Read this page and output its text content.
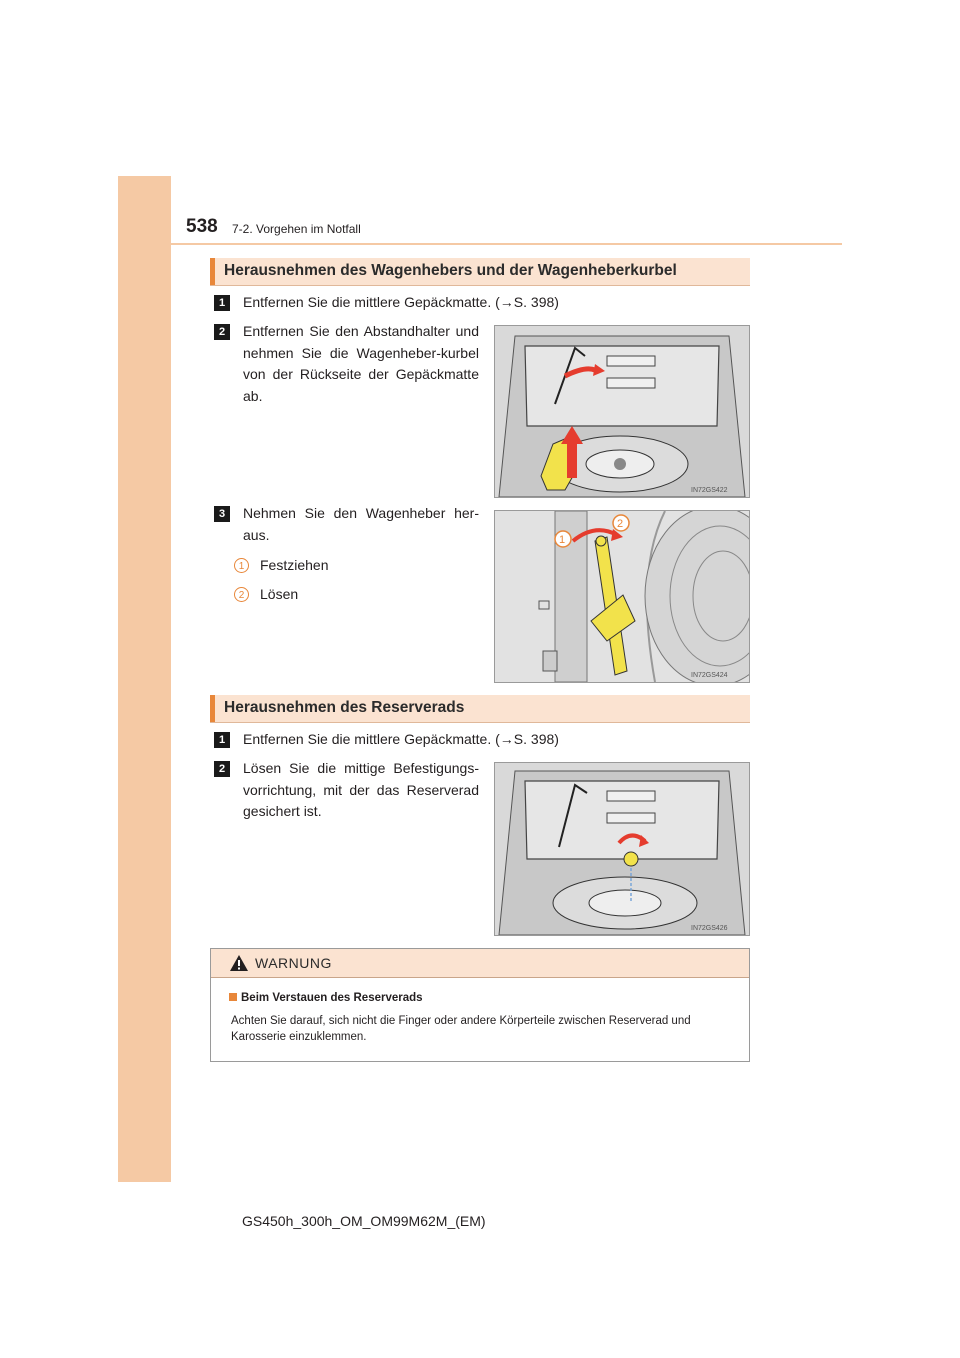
538 7-2. Vorgehen im Notfall
Herausnehmen des Wagenhebers und der Wagenheberkurbel
1	Entfernen Sie die mittlere Gepäckmatte. (→S. 398)
2	Entfernen Sie den Abstandhalter und nehmen Sie die Wagenheber-kurbel von der Rückseite der Gepäckmatte ab.
3	Nehmen Sie den Wagenheber her-aus.
1	Festziehen
2	Lösen
IN72GS422
1
2
IN72GS424
Herausnehmen des Reserverads
1	Entfernen Sie die mittlere Gepäckmatte. (→S. 398)
2	Lösen Sie die mittige Befestigungs-vorrichtung, mit der das Reserverad gesichert ist.
IN72GS426
WARNUNG
Beim Verstauen des Reserverads
Achten Sie darauf, sich nicht die Finger oder andere Körperteile zwischen Reserverad und Karosserie einzuklemmen.
GS450h_300h_OM_OM99M62M_(EM)
